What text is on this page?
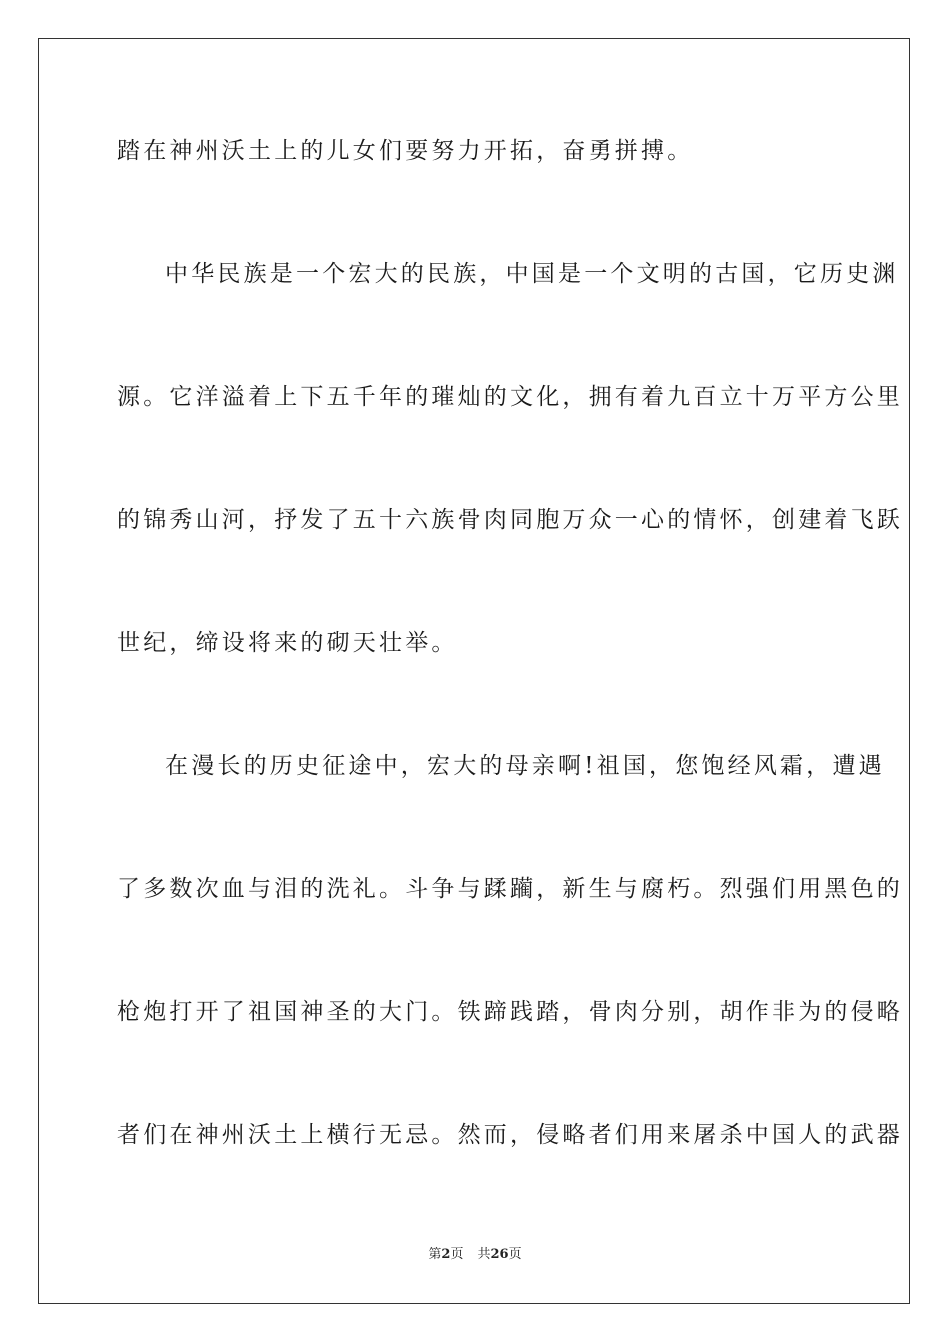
踏在神州沃土上的儿女们要努力开拓，奋勇拼搏。
中华民族是一个宏大的民族，中国是一个文明的古国，它历史渊
源。它洋溢着上下五千年的璀灿的文化，拥有着九百立十万平方公里
的锦秀山河，抒发了五十六族骨肉同胞万众一心的情怀，创建着飞跃
世纪，缔设将来的砌天壮举。
在漫长的历史征途中，宏大的母亲啊!祖国，您饱经风霜，遭遇
了多数次血与泪的洗礼。斗争与蹂躏，新生与腐朽。烈强们用黑色的
枪炮打开了祖国神圣的大门。铁蹄践踏，骨肉分别，胡作非为的侵略
者们在神州沃土上横行无忌。然而，侵略者们用来屠杀中国人的武器
第2页 共26页
